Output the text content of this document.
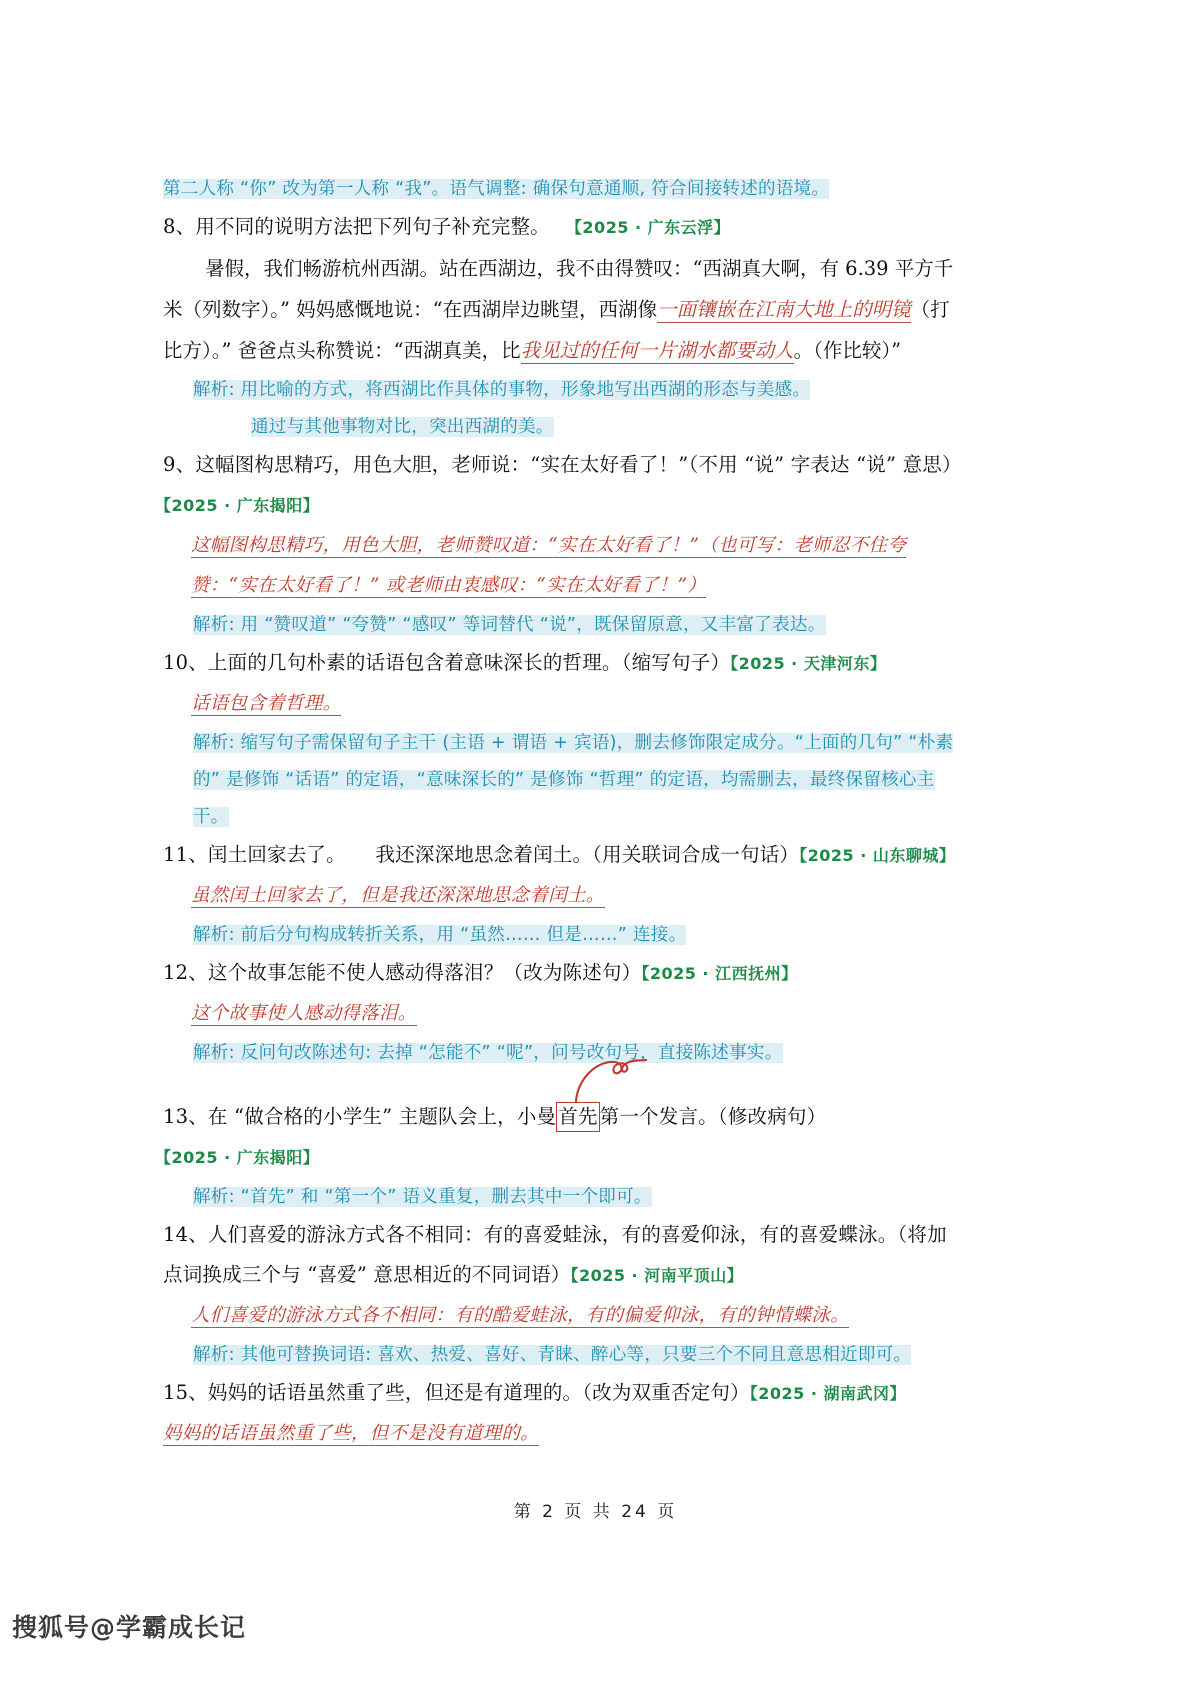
第二人称 “你” 改为第一人称 “我”。语气调整: 确保句意通顺, 符合间接转述的语境。
8、用不同的说明方法把下列句子补充完整。 【2025 · 广东云浮】
暑假，我们畅游杭州西湖。站在西湖边，我不由得赞叹：“西湖真大啊，有 6.39 平方千米（列数字）。” 妈妈感慨地说：“在西湖岸边眺望，西湖像一面镶嵌在江南大地上的明镜（打比方）。” 爸爸点头称赞说：“西湖真美，比我见过的任何一片湖水都要动人。（作比较）”
解析: 用比喻的方式，将西湖比作具体的事物，形象地写出西湖的形态与美感。
通过与其他事物对比，突出西湖的美。
9、这幅图构思精巧，用色大胆，老师说：“实在太好看了！”（不用 “说” 字表达 “说” 意思）【2025 · 广东揭阳】
这幅图构思精巧，用色大胆，老师赞叹道：“实在太好看了！”（也可写：老师忍不住夸赞：“实在太好看了！” 或老师由衷感叹：“实在太好看了！”）
解析: 用 “赞叹道” “夸赞” “感叹” 等词替代 “说”，既保留原意，又丰富了表达。
10、上面的几句朴素的话语包含着意味深长的哲理。（缩写句子）【2025 · 天津河东】
话语包含着哲理。
解析: 缩写句子需保留句子主干 (主语 + 谓语 + 宾语)，删去修饰限定成分。“上面的几句” “朴素的” 是修饰 “话语” 的定语，“意味深长的” 是修饰 “哲理” 的定语，均需删去，最终保留核心主干。
11、闰土回家去了。　　我还深深地思念着闰土。（用关联词合成一句话）【2025 · 山东聊城】
虽然闰土回家去了，但是我还深深地思念着闰土。
解析: 前后分句构成转折关系，用 “虽然…… 但是……” 连接。
12、这个故事怎能不使人感动得落泪？（改为陈述句）【2025 · 江西抚州】
这个故事使人感动得落泪。
解析: 反问句改陈述句: 去掉 “怎能不” “呢”，问号改句号，直接陈述事实。
13、在 “做合格的小学生” 主题队会上，小曼 首先 第一个发言。（修改病句）【2025 · 广东揭阳】
解析: “首先” 和 “第一个” 语义重复，删去其中一个即可。
14、人们喜爱的游泳方式各不相同：有的喜爱蛙泳，有的喜爱仰泳，有的喜爱蝶泳。（将加点词换成三个与 “喜爱” 意思相近的不同词语）【2025 · 河南平顶山】
人们喜爱的游泳方式各不相同：有的酷爱蛙泳，有的偏爱仰泳，有的钟情蝶泳。
解析: 其他可替换词语: 喜欢、热爱、喜好、青睐、醉心等，只要三个不同且意思相近即可。
15、妈妈的话语虽然重了些，但还是有道理的。（改为双重否定句）【2025 · 湖南武冈】
妈妈的话语虽然重了些，但不是没有道理的。
第 2 页 共 24 页
搜狐号@学霸成长记
